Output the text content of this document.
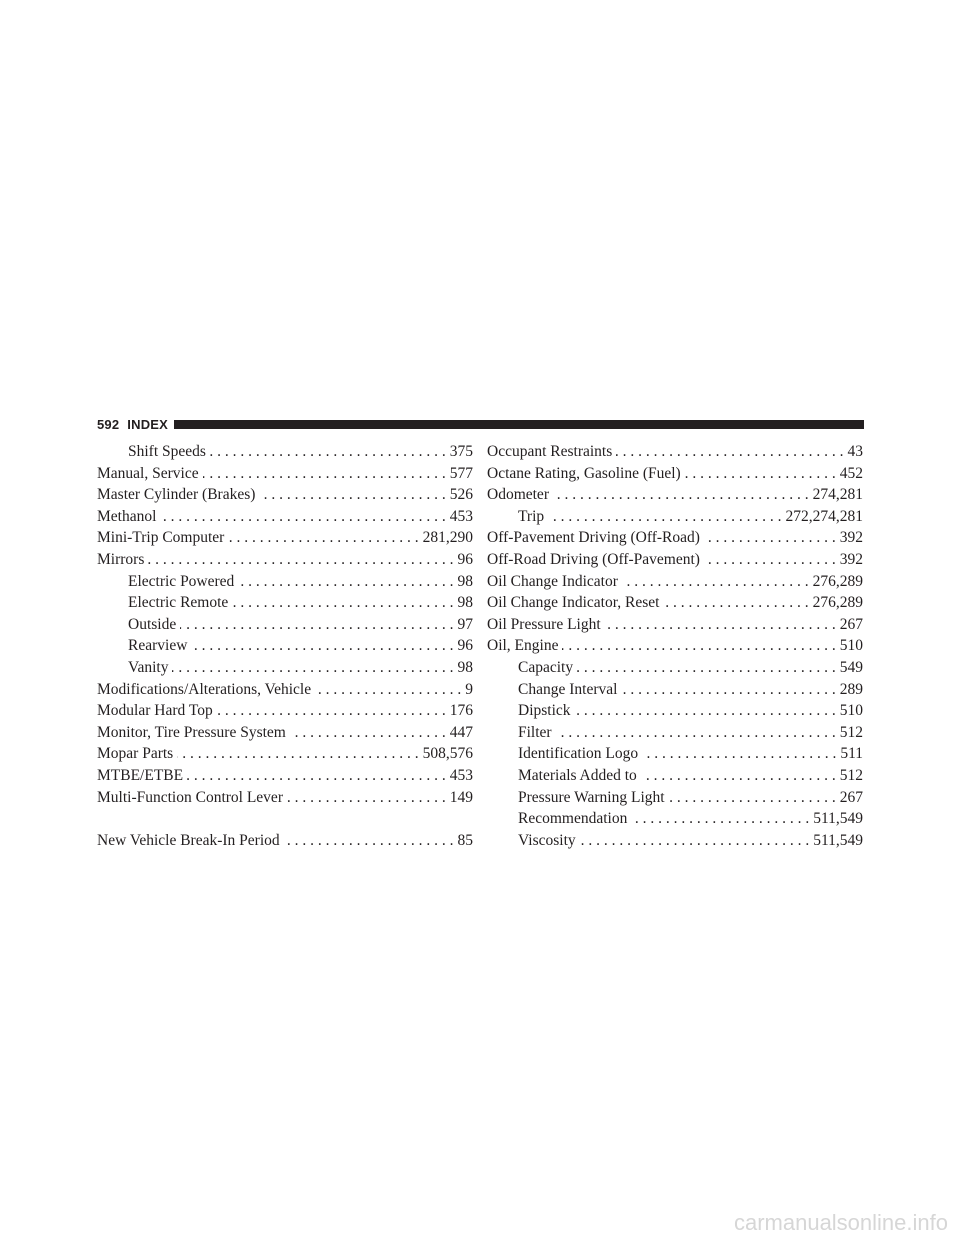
592 INDEX
Shift Speeds . . .	375
Manual, Service . . .	577
Master Cylinder (Brakes) . . .	526
Methanol . . .	453
Mini-Trip Computer . . .	281,290
Mirrors . . .	96
Electric Powered . . .	98
Electric Remote . . .	98
Outside . . .	97
Rearview . . .	96
Vanity . . .	98
Modifications/Alterations, Vehicle . . .	9
Modular Hard Top . . .	176
Monitor, Tire Pressure System . . .	447
Mopar Parts . . .	508,576
MTBE/ETBE . . .	453
Multi-Function Control Lever . . .	149
New Vehicle Break-In Period . . .	85
Occupant Restraints . . .	43
Octane Rating, Gasoline (Fuel) . . .	452
Odometer . . .	274,281
Trip . . .	272,274,281
Off-Pavement Driving (Off-Road) . . .	392
Off-Road Driving (Off-Pavement) . . .	392
Oil Change Indicator . . .	276,289
Oil Change Indicator, Reset . . .	276,289
Oil Pressure Light . . .	267
Oil, Engine . . .	510
Capacity . . .	549
Change Interval . . .	289
Dipstick . . .	510
Filter . . .	512
Identification Logo . . .	511
Materials Added to . . .	512
Pressure Warning Light . . .	267
Recommendation . . .	511,549
Viscosity . . .	511,549
carmanualsonline.info
